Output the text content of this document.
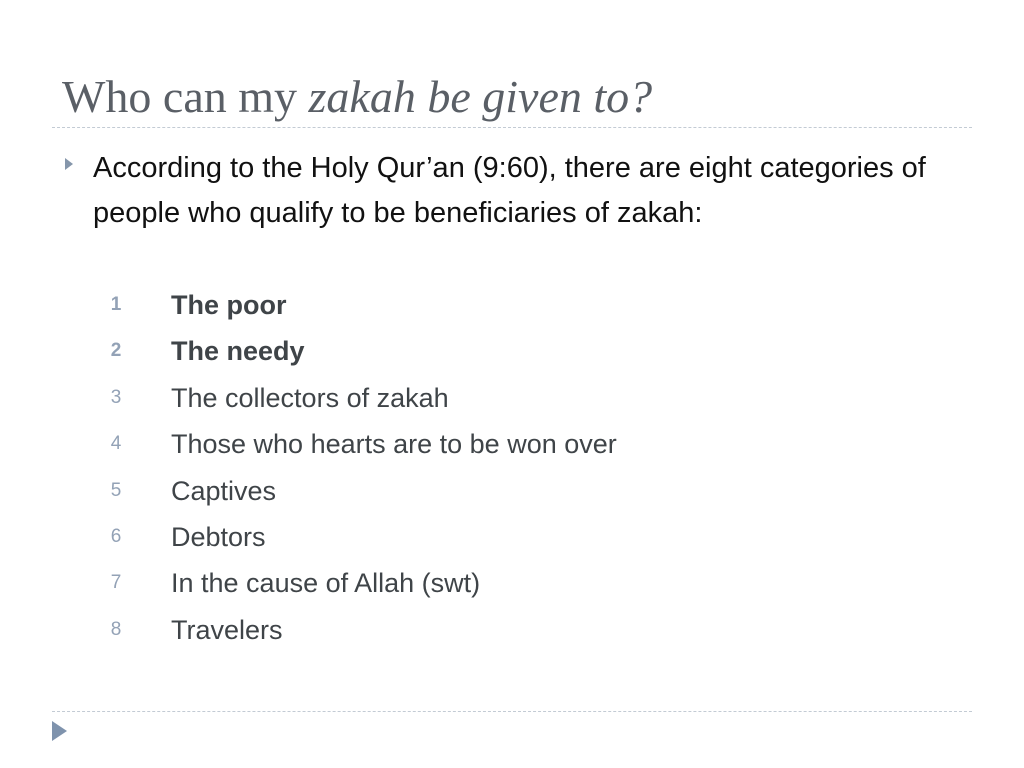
Who can my zakah be given to?

According to the Holy Qur’an (9:60), there are eight categories of people who qualify to be beneficiaries of zakah:

1	The poor
2	The needy
3	The collectors of zakah
4	Those who hearts are to be won over
5	Captives
6	Debtors
7	In the cause of Allah (swt)
8	Travelers
